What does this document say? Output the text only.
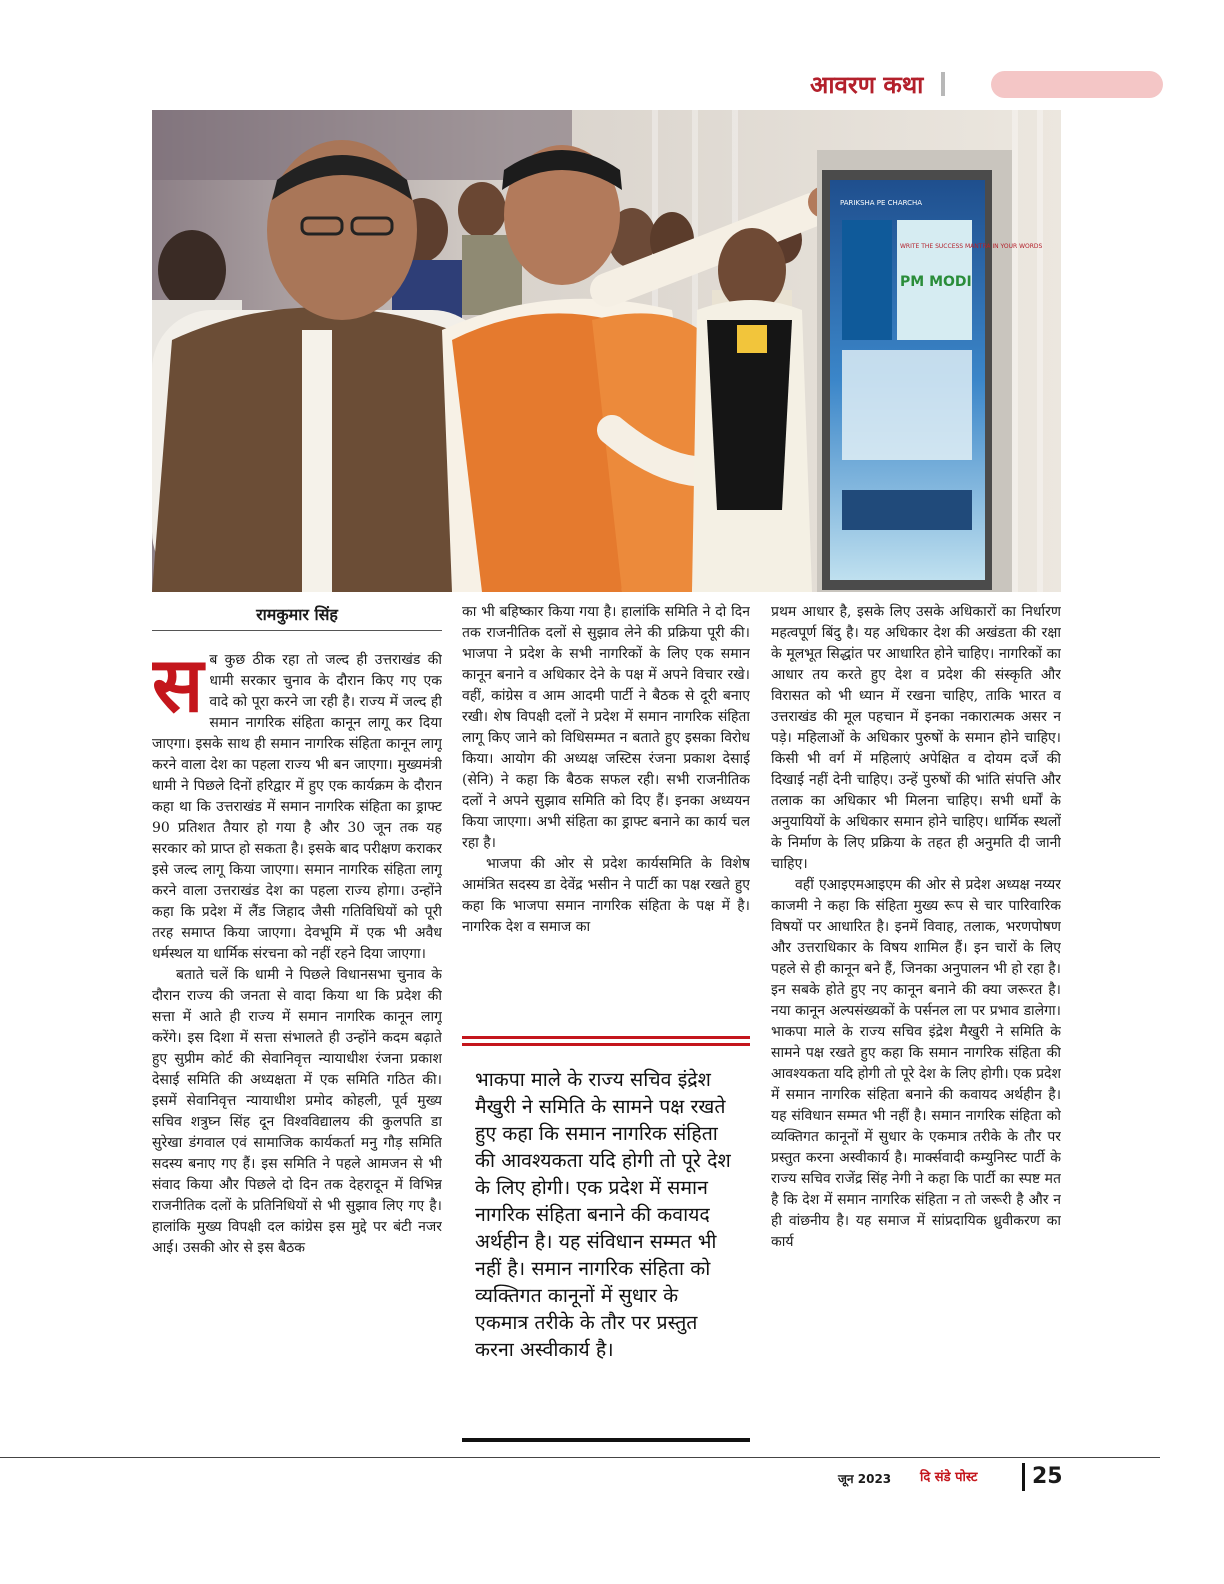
आवरण कथा
PARIKSHA PE CHARCHA
WRITE THE SUCCESS MANTRA IN YOUR WORDS
PM MODI
रामकुमार सिंह
स ब कुछ ठीक रहा तो जल्द ही उत्तराखंड की धामी सरकार चुनाव के दौरान किए गए एक वादे को पूरा करने जा रही है। राज्य में जल्द ही समान नागरिक संहिता कानून लागू कर दिया जाएगा। इसके साथ ही समान नागरिक संहिता कानून लागू करने वाला देश का पहला राज्य भी बन जाएगा। मुख्यमंत्री धामी ने पिछले दिनों हरिद्वार में हुए एक कार्यक्रम के दौरान कहा था कि उत्तराखंड में समान नागरिक संहिता का ड्राफ्ट 90 प्रतिशत तैयार हो गया है और 30 जून तक यह सरकार को प्राप्त हो सकता है। इसके बाद परीक्षण कराकर इसे जल्द लागू किया जाएगा। समान नागरिक संहिता लागू करने वाला उत्तराखंड देश का पहला राज्य होगा। उन्होंने कहा कि प्रदेश में लैंड जिहाद जैसी गतिविधियों को पूरी तरह समाप्त किया जाएगा। देवभूमि में एक भी अवैध धर्मस्थल या धार्मिक संरचना को नहीं रहने दिया जाएगा।

बताते चलें कि धामी ने पिछले विधानसभा चुनाव के दौरान राज्य की जनता से वादा किया था कि प्रदेश की सत्ता में आते ही राज्य में समान नागरिक कानून लागू करेंगे। इस दिशा में सत्ता संभालते ही उन्होंने कदम बढ़ाते हुए सुप्रीम कोर्ट की सेवानिवृत्त न्यायाधीश रंजना प्रकाश देसाई समिति की अध्यक्षता में एक समिति गठित की। इसमें सेवानिवृत्त न्यायाधीश प्रमोद कोहली, पूर्व मुख्य सचिव शत्रुघ्न सिंह दून विश्वविद्यालय की कुलपति डा सुरेखा डंगवाल एवं सामाजिक कार्यकर्ता मनु गौड़ समिति सदस्य बनाए गए हैं। इस समिति ने पहले आमजन से भी संवाद किया और पिछले दो दिन तक देहरादून में विभिन्न राजनीतिक दलों के प्रतिनिधियों से भी सुझाव लिए गए है। हालांकि मुख्य विपक्षी दल कांग्रेस इस मुद्दे पर बंटी नजर आई। उसकी ओर से इस बैठक

का भी बहिष्कार किया गया है। हालांकि समिति ने दो दिन तक राजनीतिक दलों से सुझाव लेने की प्रक्रिया पूरी की। भाजपा ने प्रदेश के सभी नागरिकों के लिए एक समान कानून बनाने व अधिकार देने के पक्ष में अपने विचार रखे। वहीं, कांग्रेस व आम आदमी पार्टी ने बैठक से दूरी बनाए रखी। शेष विपक्षी दलों ने प्रदेश में समान नागरिक संहिता लागू किए जाने को विधिसम्मत न बताते हुए इसका विरोध किया। आयोग की अध्यक्ष जस्टिस रंजना प्रकाश देसाई (सेनि) ने कहा कि बैठक सफल रही। सभी राजनीतिक दलों ने अपने सुझाव समिति को दिए हैं। इनका अध्ययन किया जाएगा। अभी संहिता का ड्राफ्ट बनाने का कार्य चल रहा है।

भाजपा की ओर से प्रदेश कार्यसमिति के विशेष आमंत्रित सदस्य डा देवेंद्र भसीन ने पार्टी का पक्ष रखते हुए कहा कि भाजपा समान नागरिक संहिता के पक्ष में है। नागरिक देश व समाज का

भाकपा माले के राज्य सचिव इंद्रेश मैखुरी ने समिति के सामने पक्ष रखते हुए कहा कि समान नागरिक संहिता की आवश्यकता यदि होगी तो पूरे देश के लिए होगी। एक प्रदेश में समान नागरिक संहिता बनाने की कवायद अर्थहीन है। यह संविधान सम्मत भी नहीं है। समान नागरिक संहिता को व्यक्तिगत कानूनों में सुधार के एकमात्र तरीके के तौर पर प्रस्तुत करना अस्वीकार्य है।

प्रथम आधार है, इसके लिए उसके अधिकारों का निर्धारण महत्वपूर्ण बिंदु है। यह अधिकार देश की अखंडता की रक्षा के मूलभूत सिद्धांत पर आधारित होने चाहिए। नागरिकों का आधार तय करते हुए देश व प्रदेश की संस्कृति और विरासत को भी ध्यान में रखना चाहिए, ताकि भारत व उत्तराखंड की मूल पहचान में इनका नकारात्मक असर न पड़े। महिलाओं के अधिकार पुरुषों के समान होने चाहिए। किसी भी वर्ग में महिलाएं अपेक्षित व दोयम दर्जे की दिखाई नहीं देनी चाहिए। उन्हें पुरुषों की भांति संपत्ति और तलाक का अधिकार भी मिलना चाहिए। सभी धर्मों के अनुयायियों के अधिकार समान होने चाहिए। धार्मिक स्थलों के निर्माण के लिए प्रक्रिया के तहत ही अनुमति दी जानी चाहिए।

वहीं एआइएमआइएम की ओर से प्रदेश अध्यक्ष नय्यर काजमी ने कहा कि संहिता मुख्य रूप से चार पारिवारिक विषयों पर आधारित है। इनमें विवाह, तलाक, भरणपोषण और उत्तराधिकार के विषय शामिल हैं। इन चारों के लिए पहले से ही कानून बने हैं, जिनका अनुपालन भी हो रहा है। इन सबके होते हुए नए कानून बनाने की क्या जरूरत है। नया कानून अल्पसंख्यकों के पर्सनल ला पर प्रभाव डालेगा। भाकपा माले के राज्य सचिव इंद्रेश मैखुरी ने समिति के सामने पक्ष रखते हुए कहा कि समान नागरिक संहिता की आवश्यकता यदि होगी तो पूरे देश के लिए होगी। एक प्रदेश में समान नागरिक संहिता बनाने की कवायद अर्थहीन है। यह संविधान सम्मत भी नहीं है। समान नागरिक संहिता को व्यक्तिगत कानूनों में सुधार के एकमात्र तरीके के तौर पर प्रस्तुत करना अस्वीकार्य है। मार्क्सवादी कम्युनिस्ट पार्टी के राज्य सचिव राजेंद्र सिंह नेगी ने कहा कि पार्टी का स्पष्ट मत है कि देश में समान नागरिक संहिता न तो जरूरी है और न ही वांछनीय है। यह समाज में सांप्रदायिक ध्रुवीकरण का कार्य

जून 2023	दि संडे पोस्ट	25
